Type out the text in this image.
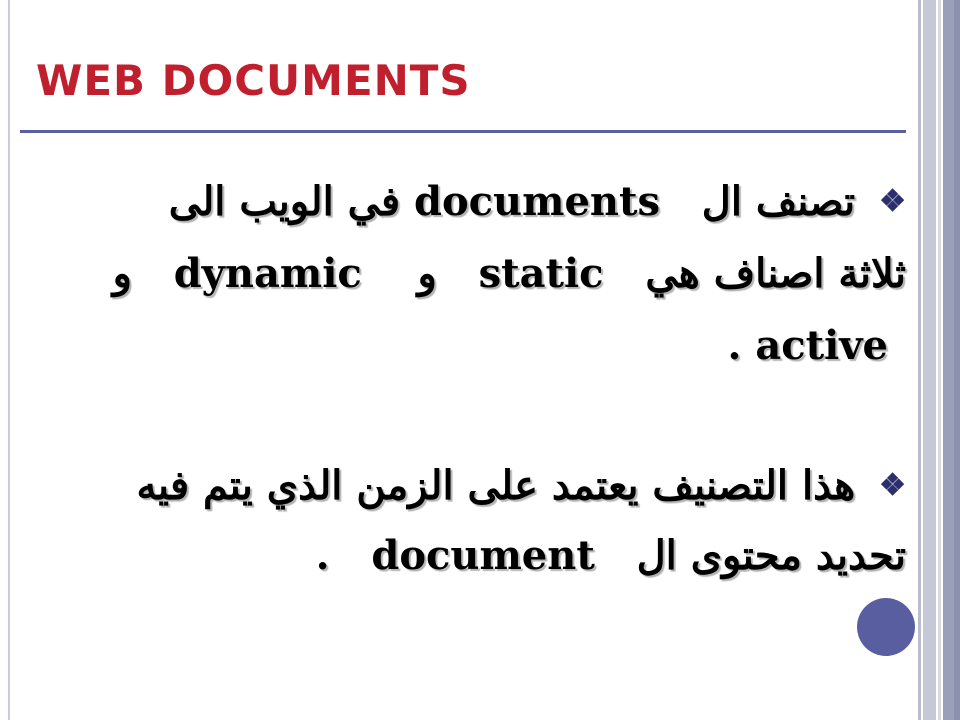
WEB DOCUMENTS
❖ تصنف ال   documents في الويب الى
ثلاثة اصناف هي   static   و    dynamic   و
. active
❖ هذا التصنيف يعتمد على الزمن الذي يتم فيه
تحديد محتوى ال   document   .
